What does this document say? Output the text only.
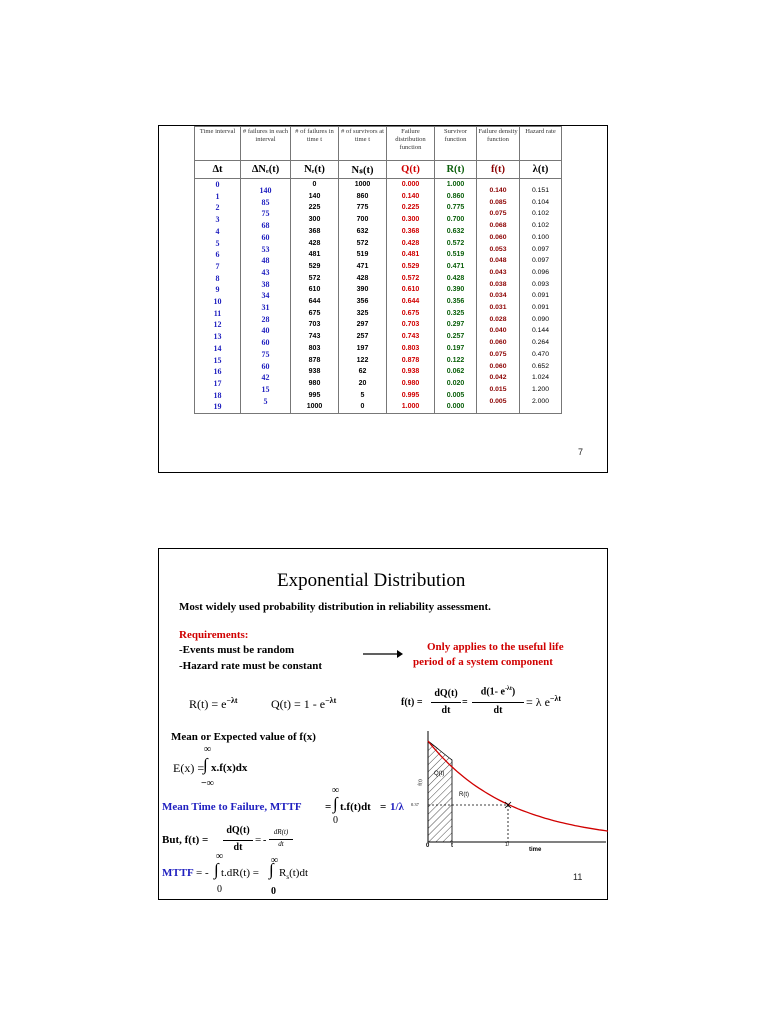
Time interval	# failures in each interval	# of failures in time t	# of survivors at time t	Failure distribution function	Survivor function	Failure density function	Hazard rate
Δt	ΔNₑ(t)	Nₑ(t)	Nₛ(t)	Q(t)	R(t)	f(t)	λ(t)
0	140	0	1000	0.000	1.000	0.140	0.151
1	85	140	860	0.140	0.860	0.085	0.104
2	75	225	775	0.225	0.775	0.075	0.102
3	68	300	700	0.300	0.700	0.068	0.102
4	60	368	632	0.368	0.632	0.060	0.100
5	53	428	572	0.428	0.572	0.053	0.097
6	48	481	519	0.481	0.519	0.048	0.097
7	43	529	471	0.529	0.471	0.043	0.096
8	38	572	428	0.572	0.428	0.038	0.093
9	34	610	390	0.610	0.390	0.034	0.091
10	31	644	356	0.644	0.356	0.031	0.091
11	28	675	325	0.675	0.325	0.028	0.090
12	40	703	297	0.703	0.297	0.040	0.144
13	60	743	257	0.743	0.257	0.060	0.264
14	75	803	197	0.803	0.197	0.075	0.470
15	60	878	122	0.878	0.122	0.060	0.652
16	42	938	62	0.938	0.062	0.042	1.024
17	15	980	20	0.980	0.020	0.015	1.200
18	5	995	5	0.995	0.005	0.005	2.000
19		1000	0	1.000	0.000		
7
Exponential Distribution
Most widely used probability distribution in reliability assessment.
Requirements:
-Events must be random
-Hazard rate must be constant
Only applies to the useful life
period of a system component
$R(t) = e^{-\lambda t}$	$Q(t) = 1 - e^{-\lambda t}$	f(t) =
dQ(t)
dt
=
d(1- $e^{-\lambda t}$)
dt
= λ $e^{-\lambda t}$
Mean or Expected value of f(x)
∞
E(x) =
∫ x.f(x)dx
−∞
∞
Mean Time to Failure, MTTF = ∫ t.f(t)dt = 1/λ
0
But, f(t) =
dQ(t)
dt
= -
dR(t)
dt
∞	∞
MTTF = - ∫ t.dR(t) = ∫ $R_s(t)dt$
0	0
f(t)
0.37
Q(t)
R(t)
0	t	1/
time
11
